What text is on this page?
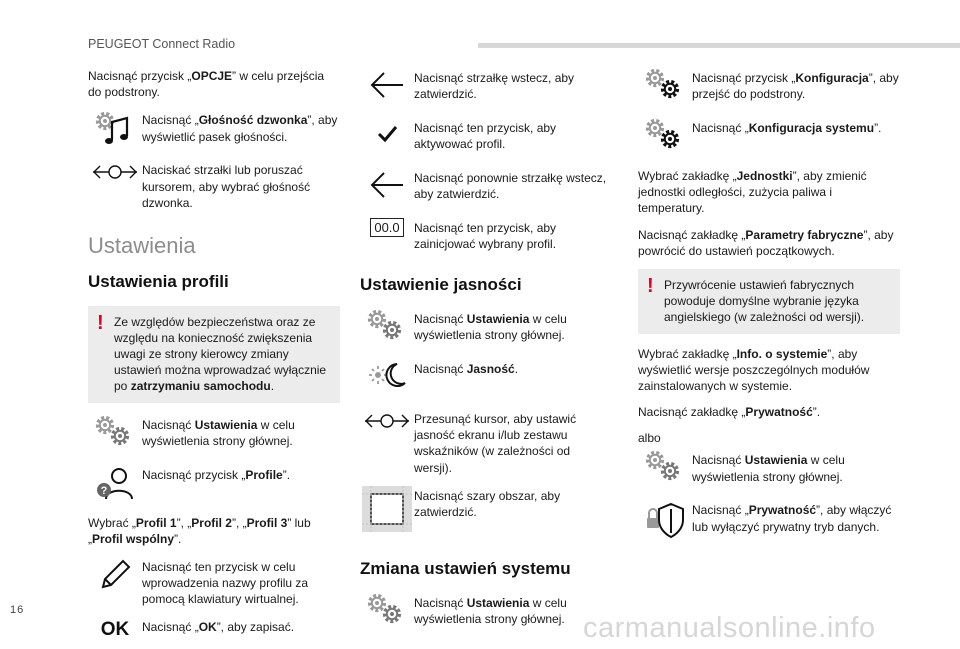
PEUGEOT Connect Radio
Nacisnąć przycisk „OPCJE” w celu przejścia do podstrony.
Nacisnąć „Głośność dzwonka”, aby wyświetlić pasek głośności.
Naciskać strzałki lub poruszać kursorem, aby wybrać głośność dzwonka.
Ustawienia
Ustawienia profili
! Ze względów bezpieczeństwa oraz ze względu na konieczność zwiększenia uwagi ze strony kierowcy zmiany ustawień można wprowadzać wyłącznie po zatrzymaniu samochodu.
Nacisnąć Ustawienia w celu wyświetlenia strony głównej.
?
Nacisnąć przycisk „Profile”.
Wybrać „Profil 1”, „Profil 2”, „Profil 3” lub „Profil wspólny”.
Nacisnąć ten przycisk w celu wprowadzenia nazwy profilu za pomocą klawiatury wirtualnej.
OK Nacisnąć „OK”, aby zapisać.
Nacisnąć strzałkę wstecz, aby zatwierdzić.
Nacisnąć ten przycisk, aby aktywować profil.
Nacisnąć ponownie strzałkę wstecz, aby zatwierdzić.
00.0	Nacisnąć ten przycisk, aby zainicjować wybrany profil.
Ustawienie jasności
Nacisnąć Ustawienia w celu wyświetlenia strony głównej.
Nacisnąć Jasność.
Przesunąć kursor, aby ustawić jasność ekranu i/lub zestawu wskaźników (w zależności od wersji).
Nacisnąć szary obszar, aby zatwierdzić.
Zmiana ustawień systemu
Nacisnąć Ustawienia w celu wyświetlenia strony głównej.
Nacisnąć przycisk „Konfiguracja”, aby przejść do podstrony.
Nacisnąć „Konfiguracja systemu”.
Wybrać zakładkę „Jednostki”, aby zmienić jednostki odległości, zużycia paliwa i temperatury.
Nacisnąć zakładkę „Parametry fabryczne”, aby powrócić do ustawień początkowych.
! Przywrócenie ustawień fabrycznych powoduje domyślne wybranie języka angielskiego (w zależności od wersji).
Wybrać zakładkę „Info. o systemie”, aby wyświetlić wersje poszczególnych modułów zainstalowanych w systemie.
Nacisnąć zakładkę „Prywatność”.
albo
Nacisnąć Ustawienia w celu wyświetlenia strony głównej.
Nacisnąć „Prywatność”, aby włączyć lub wyłączyć prywatny tryb danych.
16
carmanualsonline.info
